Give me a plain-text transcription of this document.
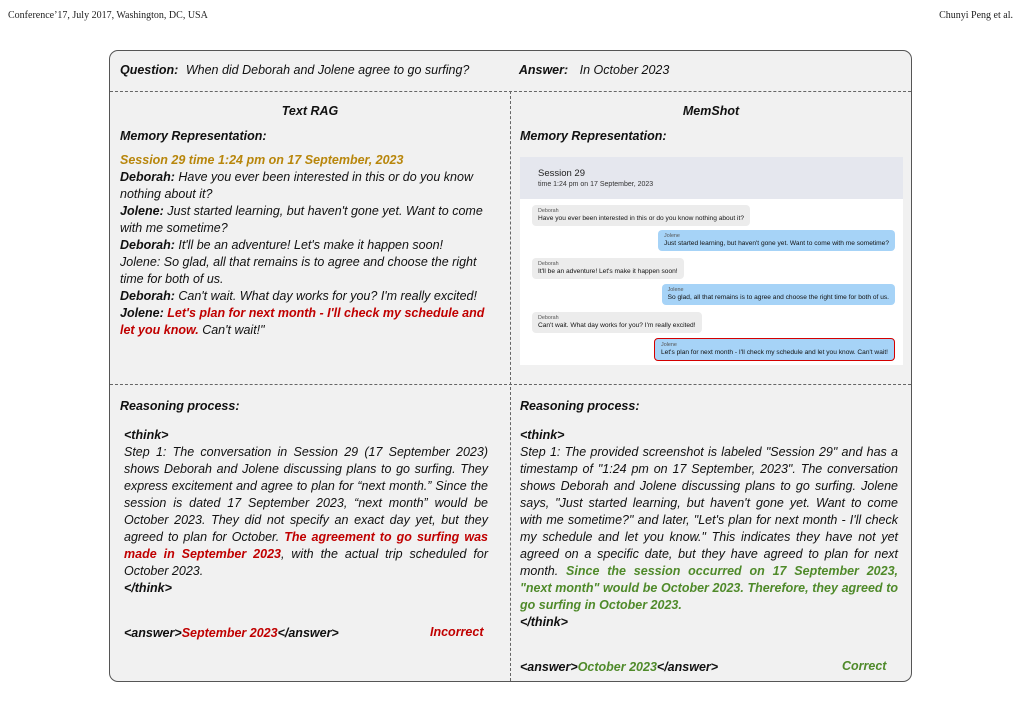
Conference’17, July 2017, Washington, DC, USA	Chunyi Peng et al.
Question: When did Deborah and Jolene agree to go surfing?	Answer: In October 2023
Text RAG	MemShot
Memory Representation:	Memory Representation:
Session 29 time 1:24 pm on 17 September, 2023
Deborah: Have you ever been interested in this or do you know nothing about it?
Jolene: Just started learning, but haven't gone yet. Want to come with me sometime?
Deborah: It'll be an adventure! Let's make it happen soon!
Jolene: So glad, all that remains is to agree and choose the right time for both of us.
Deborah: Can't wait. What day works for you? I'm really excited!
Jolene: Let's plan for next month - I'll check my schedule and let you know. Can't wait!"
Session 29
time 1:24 pm on 17 September, 2023
Deborah
Have you ever been interested in this or do you know nothing about it?
Jolene
Just started learning, but haven't gone yet. Want to come with me sometime?
Deborah
It'll be an adventure! Let's make it happen soon!
Jolene
So glad, all that remains is to agree and choose the right time for both of us.
Deborah
Can't wait. What day works for you? I'm really excited!
Jolene
Let's plan for next month - I'll check my schedule and let you know. Can't wait!
Reasoning process:	Reasoning process:
<think>
Step 1: The conversation in Session 29 (17 September 2023) shows Deborah and Jolene discussing plans to go surfing. They express excitement and agree to plan for “next month.” Since the session is dated 17 September 2023, “next month” would be October 2023. They did not specify an exact day yet, but they agreed to plan for October. The agreement to go surfing was made in September 2023, with the actual trip scheduled for October 2023.
</think>
<answer>September 2023</answer>	Incorrect
<think>
Step 1: The provided screenshot is labeled "Session 29" and has a timestamp of "1:24 pm on 17 September, 2023". The conversation shows Deborah and Jolene discussing plans to go surfing. Jolene says, "Just started learning, but haven't gone yet. Want to come with me sometime?" and later, "Let's plan for next month - I'll check my schedule and let you know." This indicates they have not yet agreed on a specific date, but they have agreed to plan for next month. Since the session occurred on 17 September 2023, "next month" would be October 2023. Therefore, they agreed to go surfing in October 2023.
</think>
<answer>October 2023</answer>	Correct
